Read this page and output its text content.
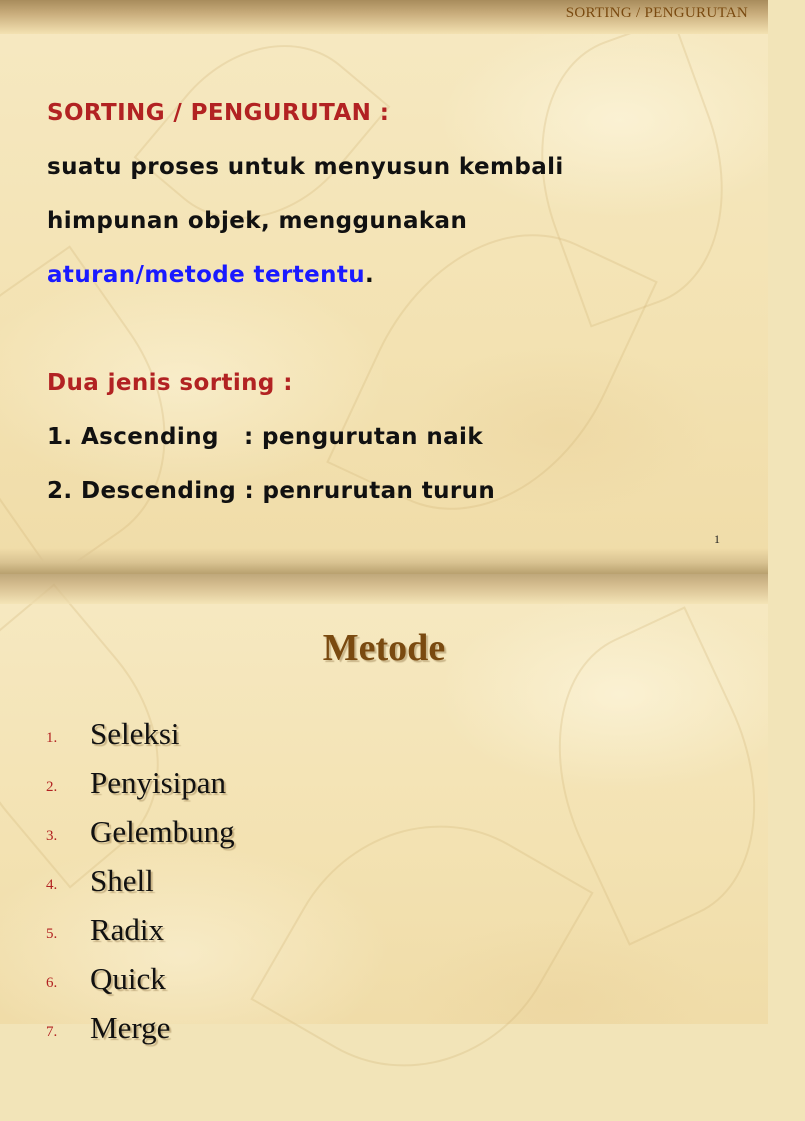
SORTING / PENGURUTAN
SORTING / PENGURUTAN :
suatu proses untuk menyusun kembali
himpunan objek, menggunakan
aturan/metode tertentu.
Dua jenis sorting :
1. Ascending   : pengurutan naik
2. Descending : penrurutan turun
1
Metode
1. Seleksi
2. Penyisipan
3. Gelembung
4. Shell
5. Radix
6. Quick
7. Merge
